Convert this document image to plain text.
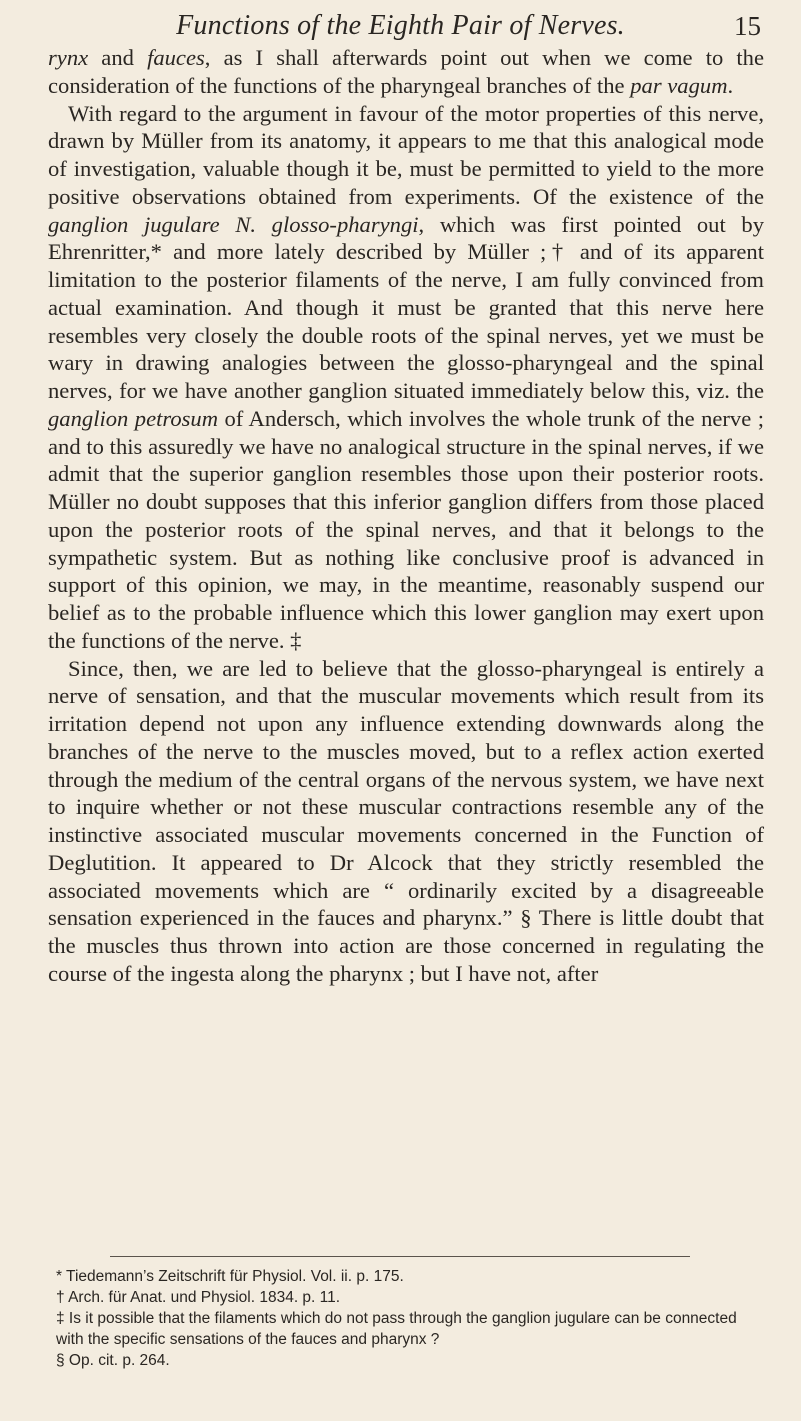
Functions of the Eighth Pair of Nerves.	15

rynx and fauces, as I shall afterwards point out when we come to the consideration of the functions of the pharyngeal branches of the par vagum.

With regard to the argument in favour of the motor properties of this nerve, drawn by Müller from its anatomy, it appears to me that this analogical mode of investigation, valuable though it be, must be permitted to yield to the more positive observations obtained from experiments. Of the existence of the ganglion jugulare N. glosso-pharyngi, which was first pointed out by Ehrenritter,* and more lately described by Müller ;† and of its apparent limitation to the posterior filaments of the nerve, I am fully convinced from actual examination. And though it must be granted that this nerve here resembles very closely the double roots of the spinal nerves, yet we must be wary in drawing analogies between the glosso-pharyngeal and the spinal nerves, for we have another ganglion situated immediately below this, viz. the ganglion petrosum of Andersch, which involves the whole trunk of the nerve ; and to this assuredly we have no analogical structure in the spinal nerves, if we admit that the superior ganglion resembles those upon their posterior roots. Müller no doubt supposes that this inferior ganglion differs from those placed upon the posterior roots of the spinal nerves, and that it belongs to the sympathetic system. But as nothing like conclusive proof is advanced in support of this opinion, we may, in the meantime, reasonably suspend our belief as to the probable influence which this lower ganglion may exert upon the functions of the nerve. ‡

Since, then, we are led to believe that the glosso-pharyngeal is entirely a nerve of sensation, and that the muscular movements which result from its irritation depend not upon any influence extending downwards along the branches of the nerve to the muscles moved, but to a reflex action exerted through the medium of the central organs of the nervous system, we have next to inquire whether or not these muscular contractions resemble any of the instinctive associated muscular movements concerned in the Function of Deglutition. It appeared to Dr Alcock that they strictly resembled the associated movements which are “ ordinarily excited by a disagreeable sensation experienced in the fauces and pharynx.” § There is little doubt that the muscles thus thrown into action are those concerned in regulating the course of the ingesta along the pharynx ; but I have not, after

* Tiedemann’s Zeitschrift für Physiol. Vol. ii. p. 175.

† Arch. für Anat. und Physiol. 1834. p. 11.

‡ Is it possible that the filaments which do not pass through the ganglion jugulare can be connected with the specific sensations of the fauces and pharynx ?

§ Op. cit. p. 264.
